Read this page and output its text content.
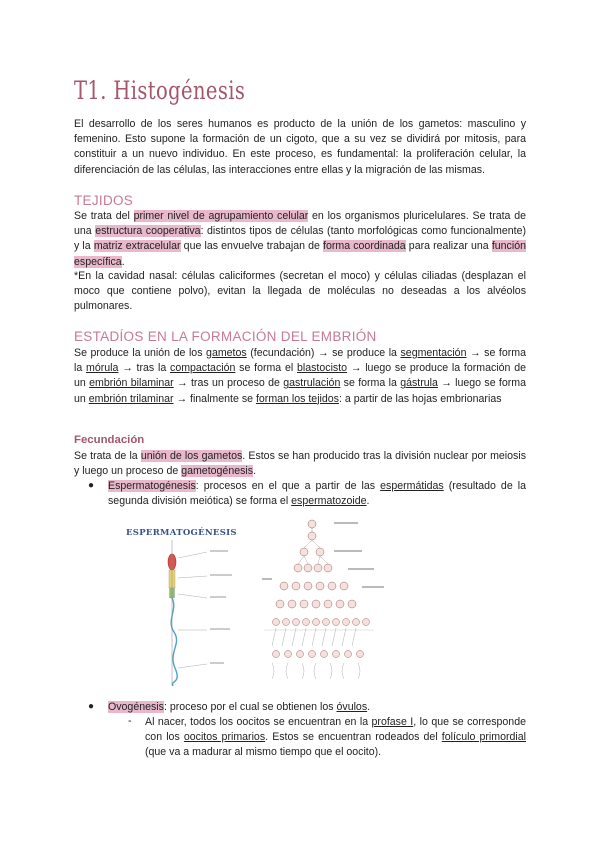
T1. Histogénesis

El desarrollo de los seres humanos es producto de la unión de los gametos: masculino y femenino. Esto supone la formación de un cigoto, que a su vez se dividirá por mitosis, para constituir a un nuevo individuo. En este proceso, es fundamental: la proliferación celular, la diferenciación de las células, las interacciones entre ellas y la migración de las mismas.

TEJIDOS

Se trata del primer nivel de agrupamiento celular en los organismos pluricelulares. Se trata de una estructura cooperativa: distintos tipos de células (tanto morfológicas como funcionalmente) y la matriz extracelular que las envuelve trabajan de forma coordinada para realizar una función específica.

*En la cavidad nasal: células caliciformes (secretan el moco) y células ciliadas (desplazan el moco que contiene polvo), evitan la llegada de moléculas no deseadas a los alvéolos pulmonares.

ESTADÍOS EN LA FORMACIÓN DEL EMBRIÓN

Se produce la unión de los gametos (fecundación) → se produce la segmentación → se forma la mórula → tras la compactación se forma el blastocisto → luego se produce la formación de un embrión bilaminar → tras un proceso de gastrulación se forma la gástrula → luego se forma un embrión trilaminar → finalmente se forman los tejidos: a partir de las hojas embrionarias

Fecundación

Se trata de la unión de los gametos. Estos se han producido tras la división nuclear por meiosis y luego un proceso de gametogénesis.

●	Espermatogénesis: procesos en el que a partir de las espermátidas (resultado de la segunda división meiótica) se forma el espermatozoide.

ESPERMATOGÉNESIS
●	Ovogénesis: proceso por el cual se obtienen los óvulos.

-	Al nacer, todos los oocitos se encuentran en la profase I, lo que se corresponde con los oocitos primarios. Estos se encuentran rodeados del folículo primordial (que va a madurar al mismo tiempo que el oocito).
